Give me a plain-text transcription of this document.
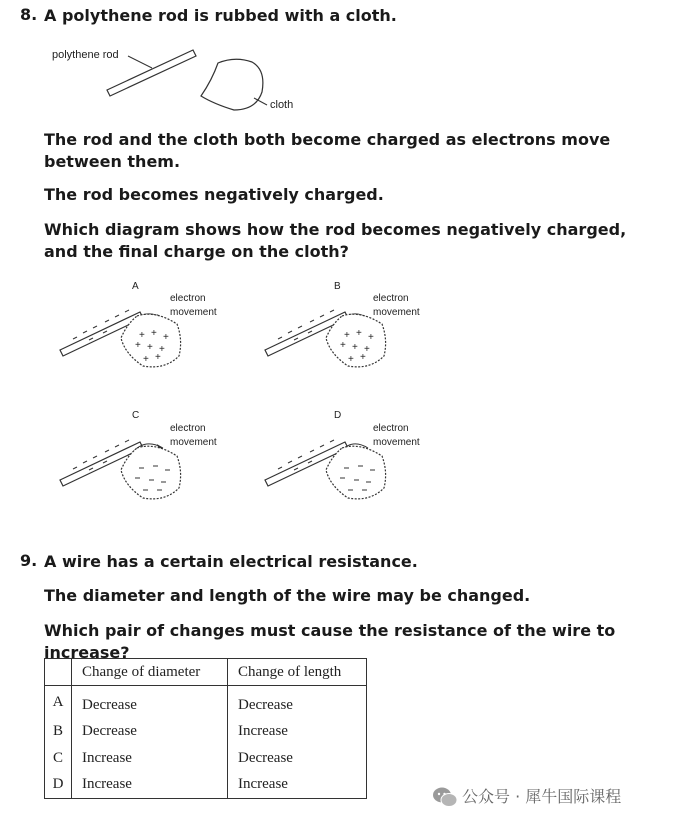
8. A polythene rod is rubbed with a cloth.
polythene rod
cloth
The rod and the cloth both become charged as electrons move between them.
The rod becomes negatively charged.
Which diagram shows how the rod becomes negatively charged, and the final charge on the cloth?
A
electron
movement
B
electron
movement
C
electron
movement
D
electron
movement
+ + +
+ + +
+ +
+ + +
+ + +
+ +
9. A wire has a certain electrical resistance.
The diameter and length of the wire may be changed.
Which pair of changes must cause the resistance of the wire to increase?
	Change of diameter	Change of length
A	Decrease	Decrease
B	Decrease	Increase
C	Increase	Decrease
D	Increase	Increase
公众号 · 犀牛国际课程
